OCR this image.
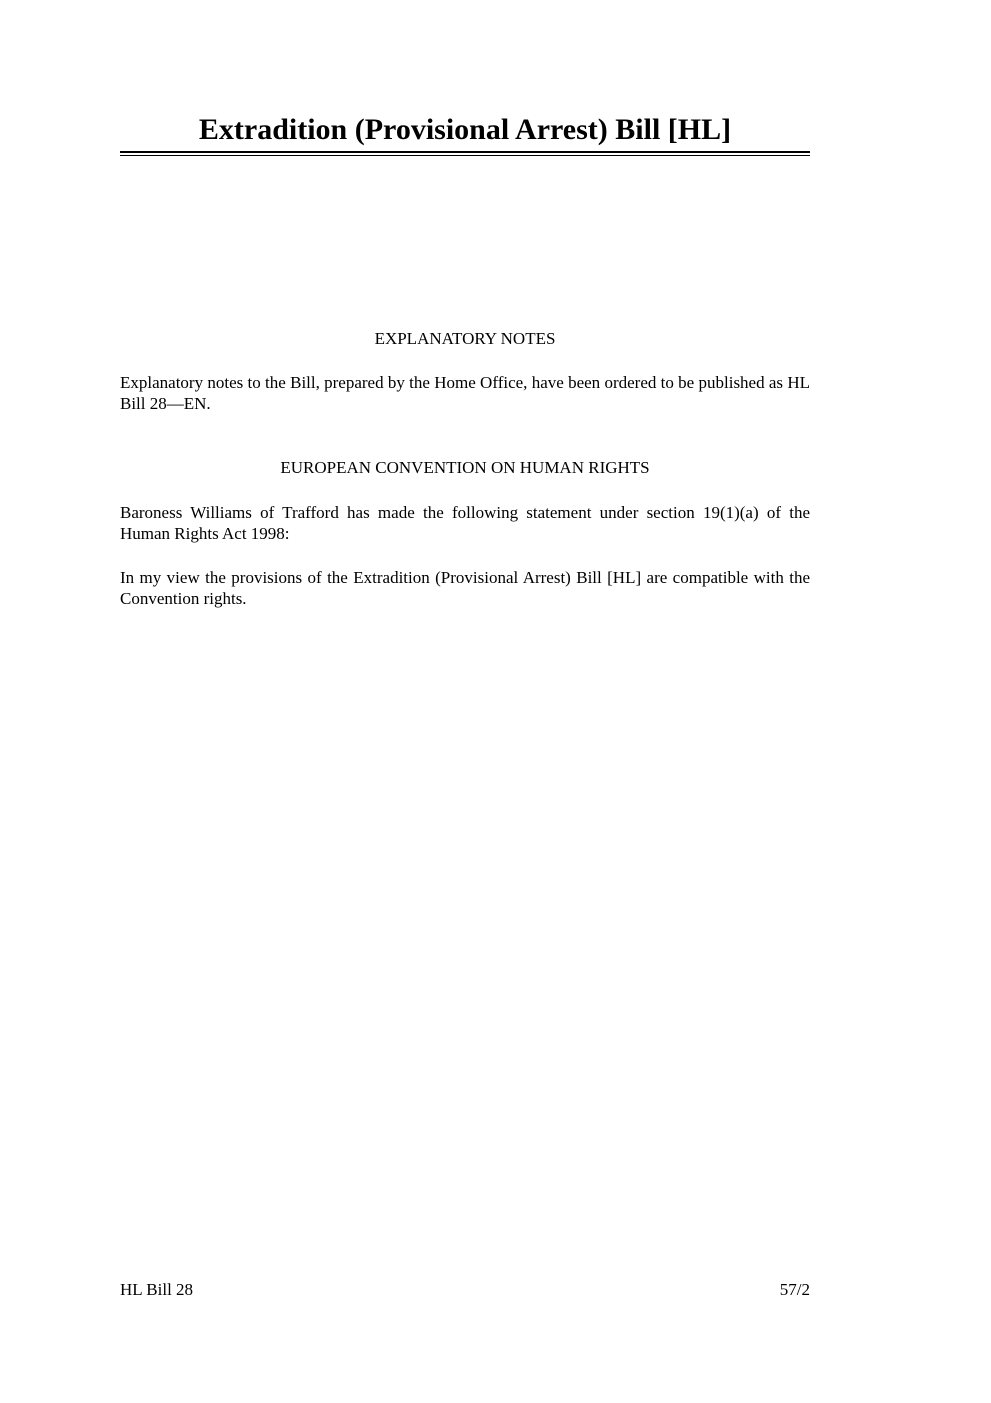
Extradition (Provisional Arrest) Bill [HL]
EXPLANATORY NOTES

Explanatory notes to the Bill, prepared by the Home Office, have been ordered to be published as HL Bill 28—EN.

EUROPEAN CONVENTION ON HUMAN RIGHTS

Baroness Williams of Trafford has made the following statement under section 19(1)(a) of the Human Rights Act 1998:

In my view the provisions of the Extradition (Provisional Arrest) Bill [HL] are compatible with the Convention rights.

HL Bill 28	57/2
